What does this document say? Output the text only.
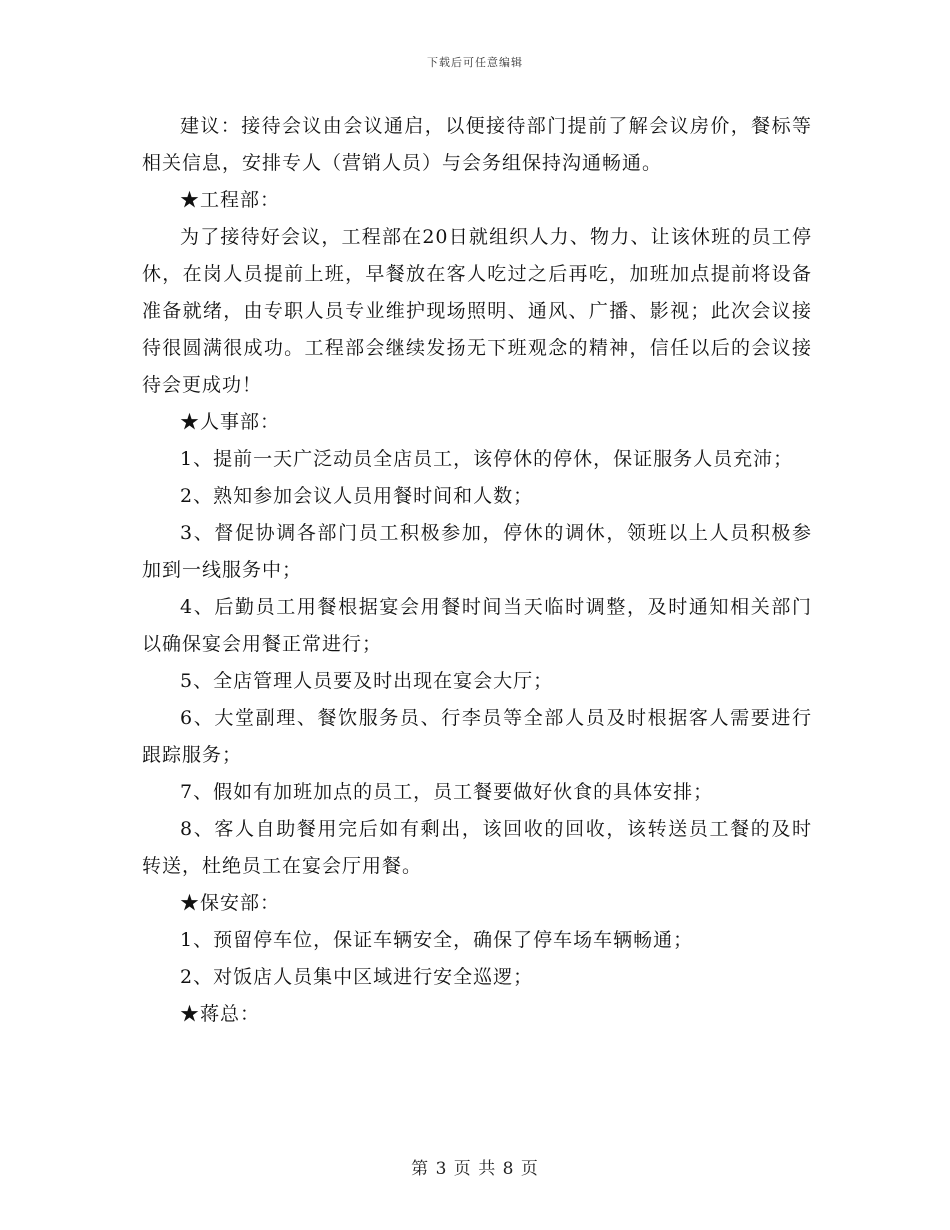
下载后可任意编辑

建议：接待会议由会议通启，以便接待部门提前了解会议房价，餐标等相关信息，安排专人（营销人员）与会务组保持沟通畅通。

★工程部：

为了接待好会议，工程部在20日就组织人力、物力、让该休班的员工停休，在岗人员提前上班，早餐放在客人吃过之后再吃，加班加点提前将设备准备就绪，由专职人员专业维护现场照明、通风、广播、影视；此次会议接待很圆满很成功。工程部会继续发扬无下班观念的精神，信任以后的会议接待会更成功！

★人事部：

1、提前一天广泛动员全店员工，该停休的停休，保证服务人员充沛；

2、熟知参加会议人员用餐时间和人数；

3、督促协调各部门员工积极参加，停休的调休，领班以上人员积极参加到一线服务中；

4、后勤员工用餐根据宴会用餐时间当天临时调整，及时通知相关部门以确保宴会用餐正常进行；

5、全店管理人员要及时出现在宴会大厅；

6、大堂副理、餐饮服务员、行李员等全部人员及时根据客人需要进行跟踪服务；

7、假如有加班加点的员工，员工餐要做好伙食的具体安排；

8、客人自助餐用完后如有剩出，该回收的回收，该转送员工餐的及时转送，杜绝员工在宴会厅用餐。

★保安部：

1、预留停车位，保证车辆安全，确保了停车场车辆畅通；

2、对饭店人员集中区域进行安全巡逻；

★蒋总：

第 3 页 共 8 页
